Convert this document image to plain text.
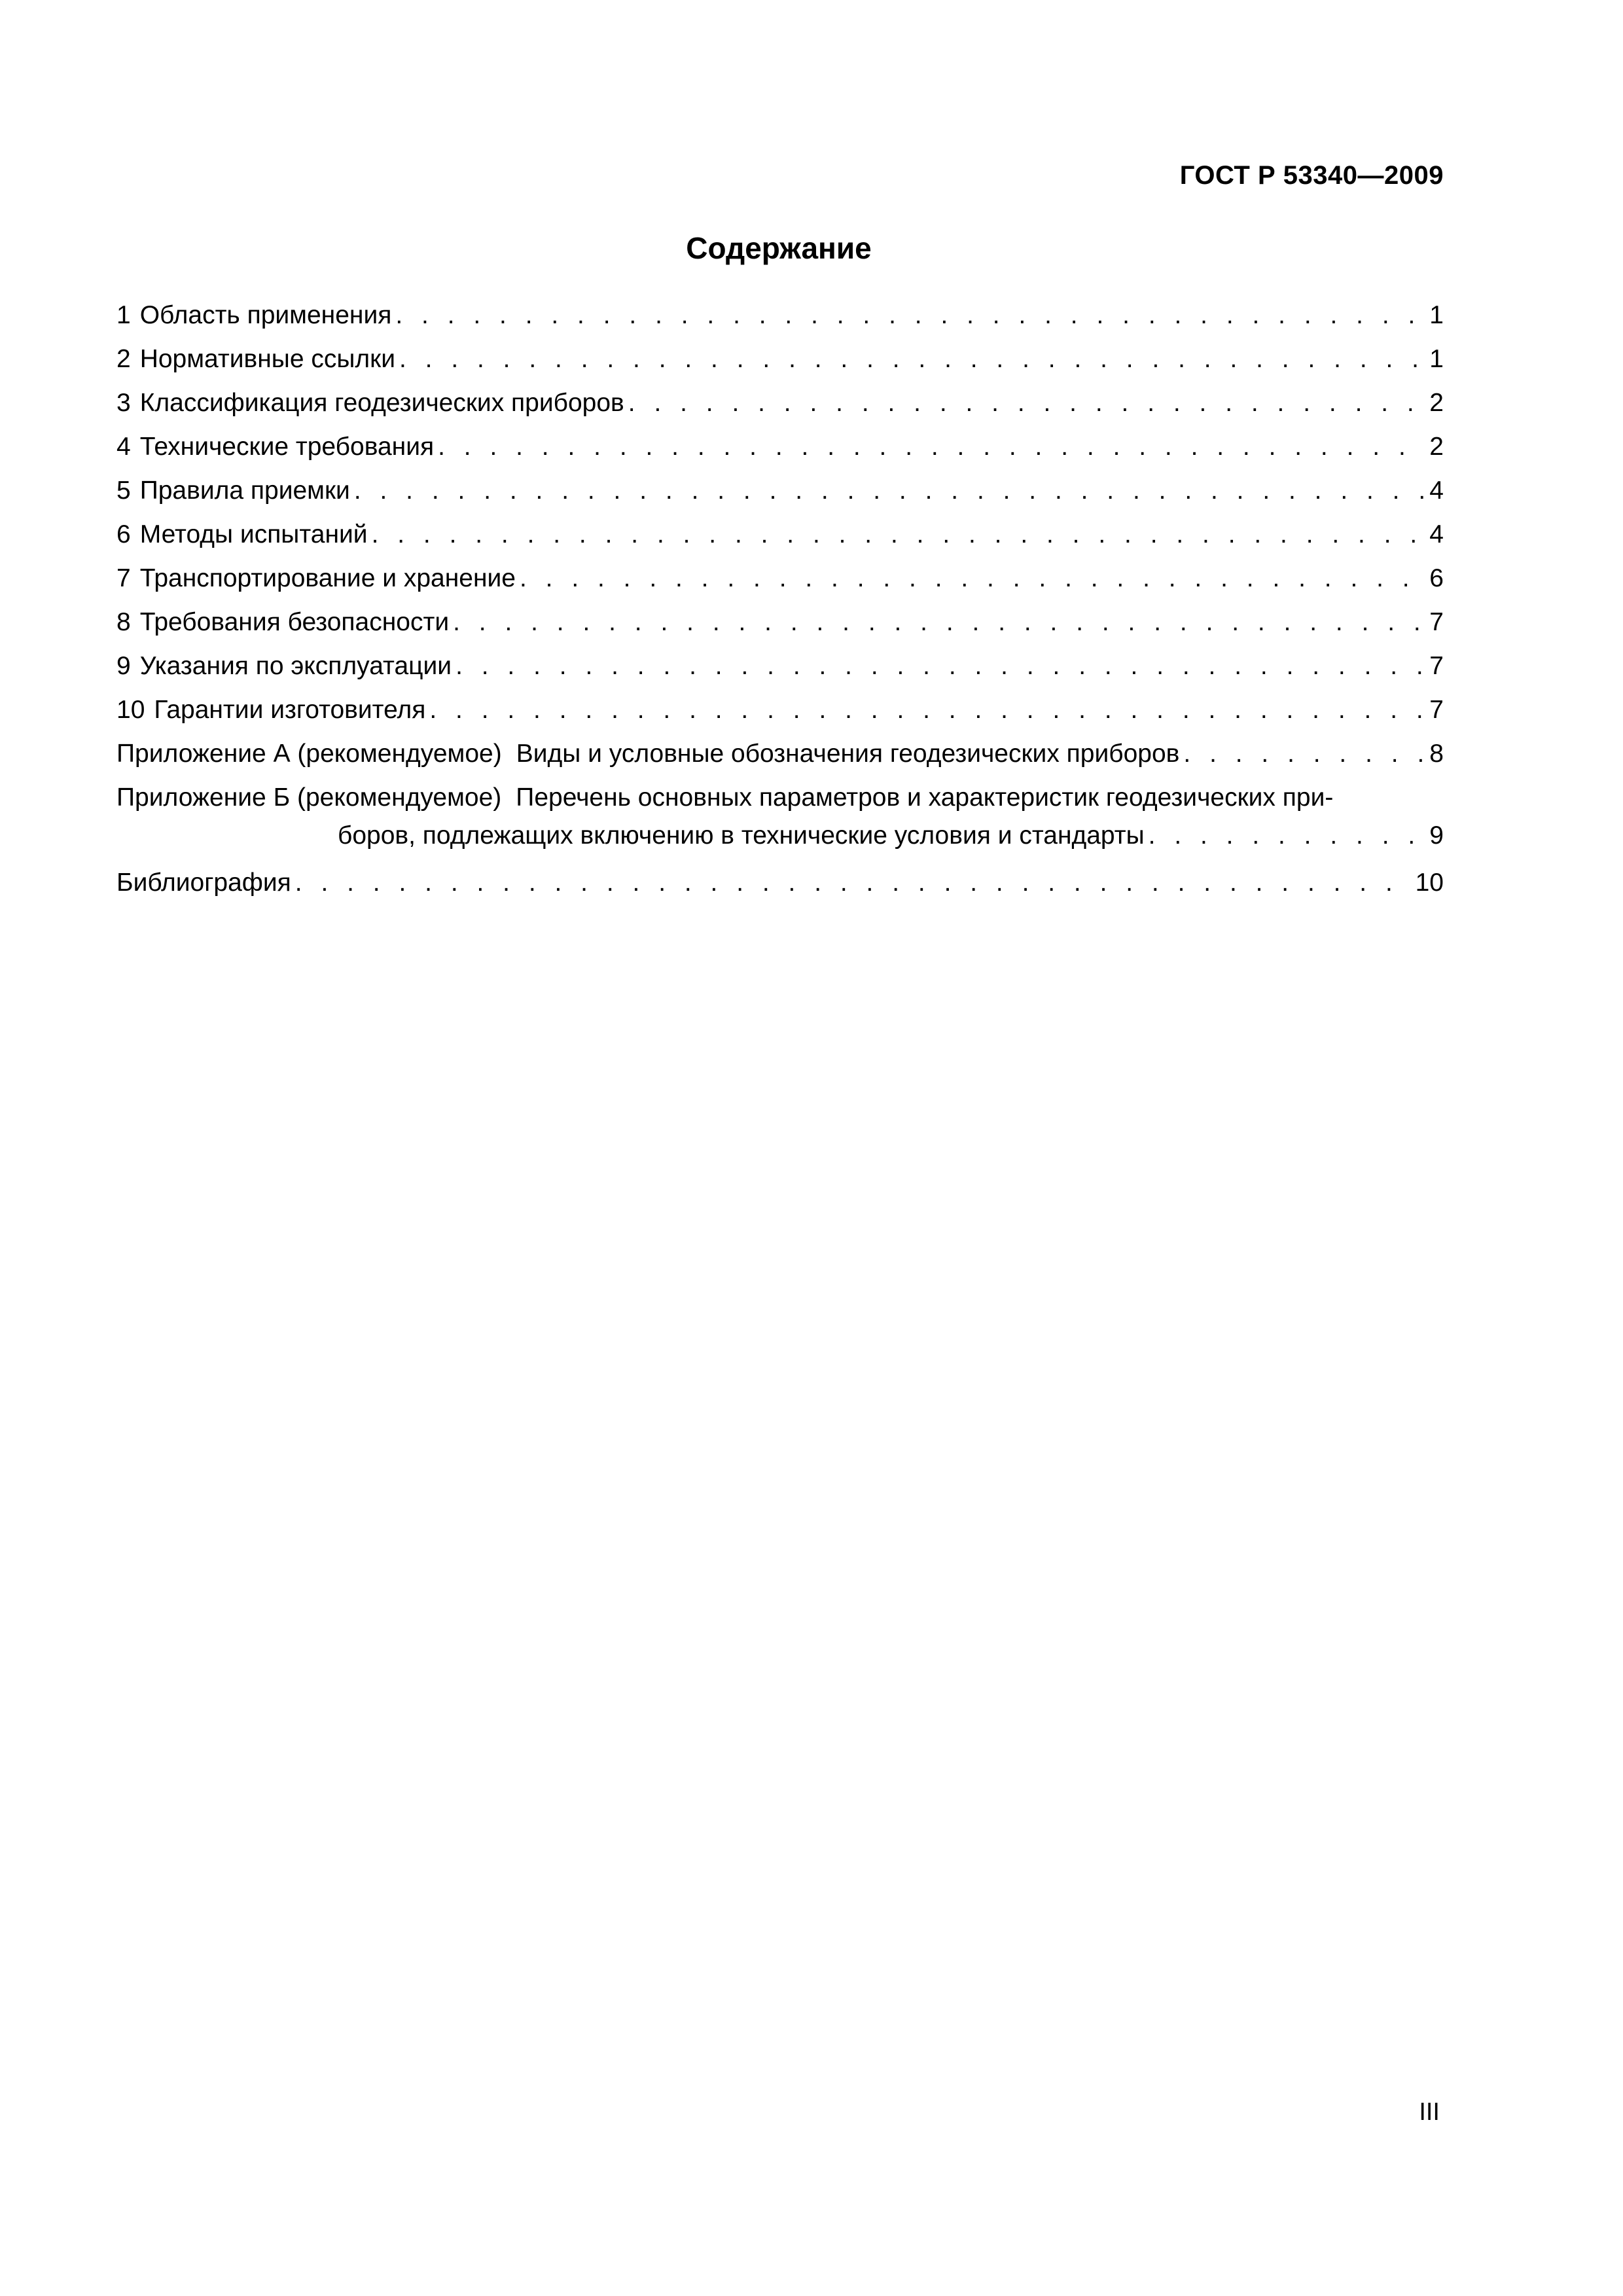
ГОСТ Р 53340—2009
Содержание
1 Область применения . . .	1
2 Нормативные ссылки . . .	1
3 Классификация геодезических приборов . . .	2
4 Технические требования . . .	2
5 Правила приемки . . .	4
6 Методы испытаний . . .	4
7 Транспортирование и хранение . . .	6
8 Требования безопасности . . .	7
9 Указания по эксплуатации . . .	7
10 Гарантии изготовителя . . .	7
Приложение А (рекомендуемое) Виды и условные обозначения геодезических приборов . . .	8
Приложение Б (рекомендуемое) Перечень основных параметров и характеристик геодезических при-
боров, подлежащих включению в технические условия и стандарты . . .	9
Библиография . . .	10
III
